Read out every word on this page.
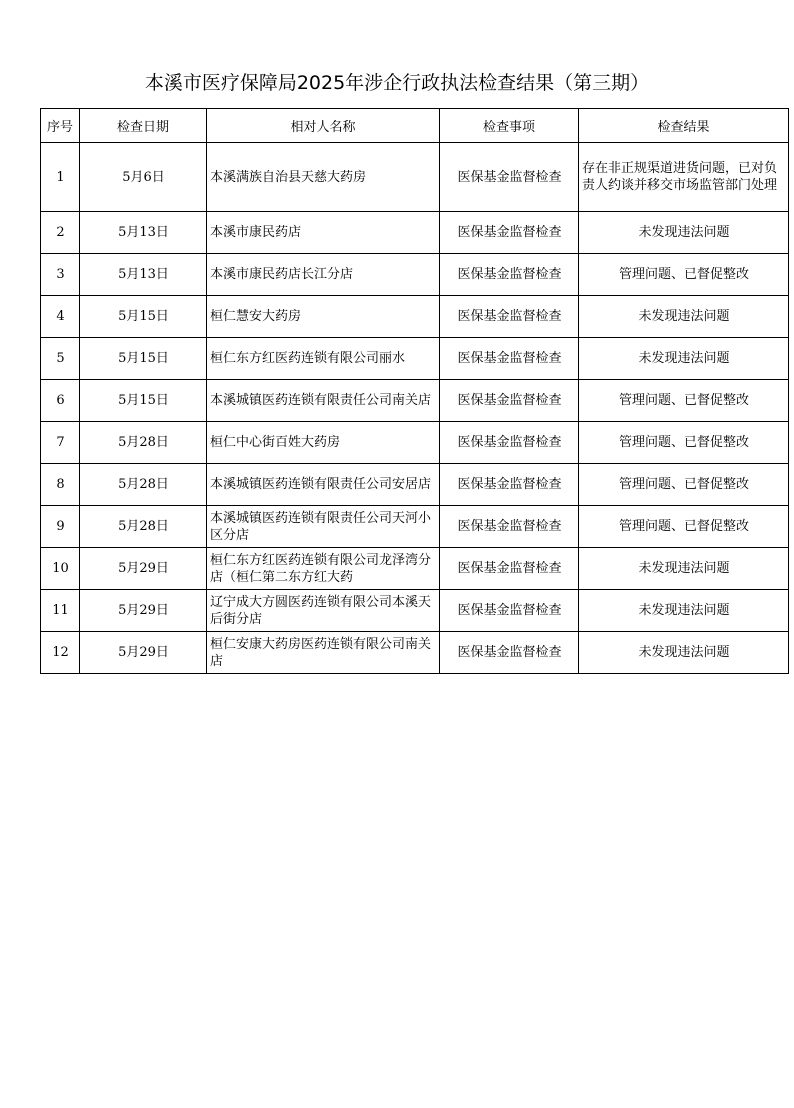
本溪市医疗保障局2025年涉企行政执法检查结果（第三期）
序号	检查日期	相对人名称	检查事项	检查结果

1	5月6日	本溪满族自治县天慈大药房	医保基金监督检查	存在非正规渠道进货问题，已对负责人约谈并移交市场监管部门处理

2	5月13日	本溪市康民药店	医保基金监督检查	未发现违法问题

3	5月13日	本溪市康民药店长江分店	医保基金监督检查	管理问题、已督促整改

4	5月15日	桓仁慧安大药房	医保基金监督检查	未发现违法问题

5	5月15日	桓仁东方红医药连锁有限公司丽水	医保基金监督检查	未发现违法问题

6	5月15日	本溪城镇医药连锁有限责任公司南关店	医保基金监督检查	管理问题、已督促整改

7	5月28日	桓仁中心街百姓大药房	医保基金监督检查	管理问题、已督促整改

8	5月28日	本溪城镇医药连锁有限责任公司安居店	医保基金监督检查	管理问题、已督促整改

9	5月28日	本溪城镇医药连锁有限责任公司天河小区分店	医保基金监督检查	管理问题、已督促整改

10	5月29日	桓仁东方红医药连锁有限公司龙泽湾分店（桓仁第二东方红大药	医保基金监督检查	未发现违法问题

11	5月29日	辽宁成大方圆医药连锁有限公司本溪天后街分店	医保基金监督检查	未发现违法问题

12	5月29日	桓仁安康大药房医药连锁有限公司南关店	医保基金监督检查	未发现违法问题
